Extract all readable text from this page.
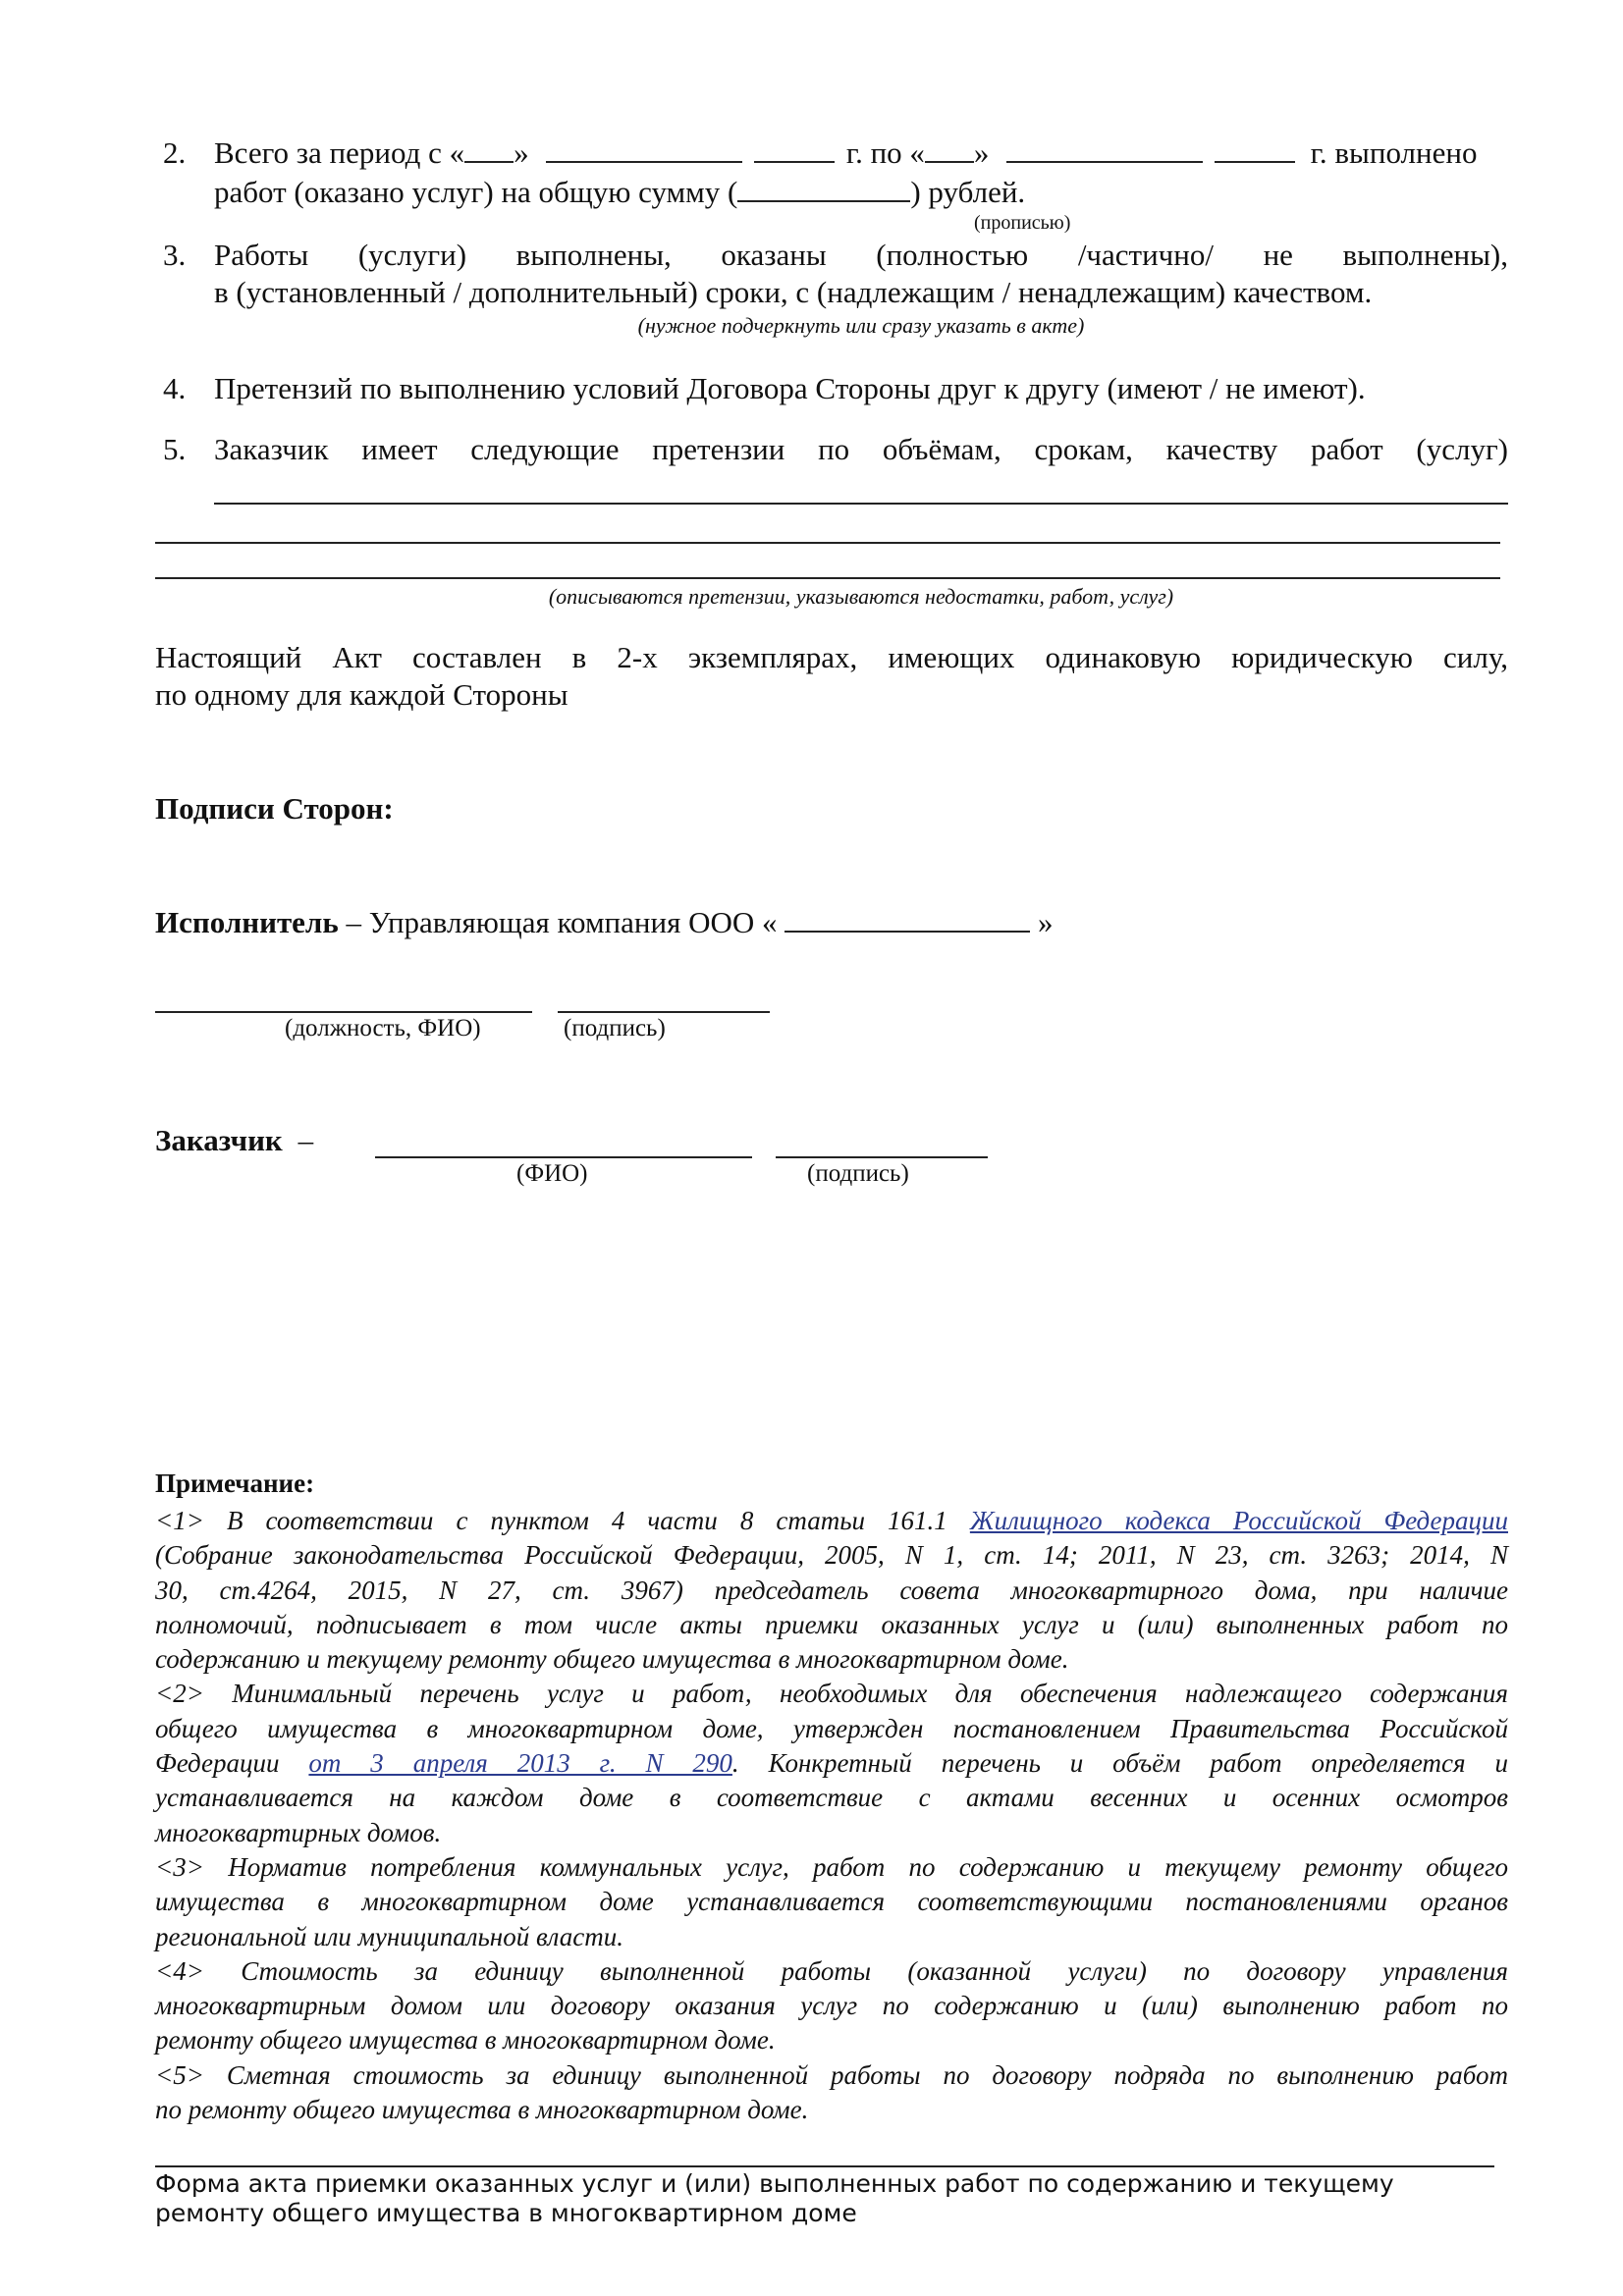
2. Всего за период с « »	г. по « »	г. выполнено
работ (оказано услуг) на общую сумму (	) рублей.
(прописью)
3. Работы (услуги) выполнены, оказаны (полностью /частично/ не выполнены),
в (установленный / дополнительный) сроки, с (надлежащим / ненадлежащим) качеством.
(нужное подчеркнуть или сразу указать в акте)
4. Претензий по выполнению условий Договора Стороны друг к другу (имеют / не имеют).
5. Заказчик имеет следующие претензии по объёмам, срокам, качеству работ (услуг)
(описываются претензии, указываются недостатки, работ, услуг)
Настоящий Акт составлен в 2-х экземплярах, имеющих одинаковую юридическую силу,
по одному для каждой Стороны
Подписи Сторон:
Исполнитель – Управляющая компания ООО «	»
(должность, ФИО)	(подпись)
Заказчик –
(ФИО)	(подпись)
Примечание:
<1> В соответствии с пунктом 4 части 8 статьи 161.1 Жилищного кодекса Российской Федерации
(Собрание законодательства Российской Федерации, 2005, N 1, ст. 14; 2011, N 23, ст. 3263; 2014, N
30, ст.4264, 2015, N 27, ст. 3967) председатель совета многоквартирного дома, при наличие
полномочий, подписывает в том числе акты приемки оказанных услуг и (или) выполненных работ по
содержанию и текущему ремонту общего имущества в многоквартирном доме.
<2> Минимальный перечень услуг и работ, необходимых для обеспечения надлежащего содержания
общего имущества в многоквартирном доме, утвержден постановлением Правительства Российской
Федерации от 3 апреля 2013 г. N 290. Конкретный перечень и объём работ определяется и
устанавливается на каждом доме в соответствие с актами весенних и осенних осмотров
многоквартирных домов.
<3> Норматив потребления коммунальных услуг, работ по содержанию и текущему ремонту общего
имущества в многоквартирном доме устанавливается соответствующими постановлениями органов
региональной или муниципальной власти.
<4> Стоимость за единицу выполненной работы (оказанной услуги) по договору управления
многоквартирным домом или договору оказания услуг по содержанию и (или) выполнению работ по
ремонту общего имущества в многоквартирном доме.
<5> Сметная стоимость за единицу выполненной работы по договору подряда по выполнению работ
по ремонту общего имущества в многоквартирном доме.
Форма акта приемки оказанных услуг и (или) выполненных работ по содержанию и текущему
ремонту общего имущества в многоквартирном доме
